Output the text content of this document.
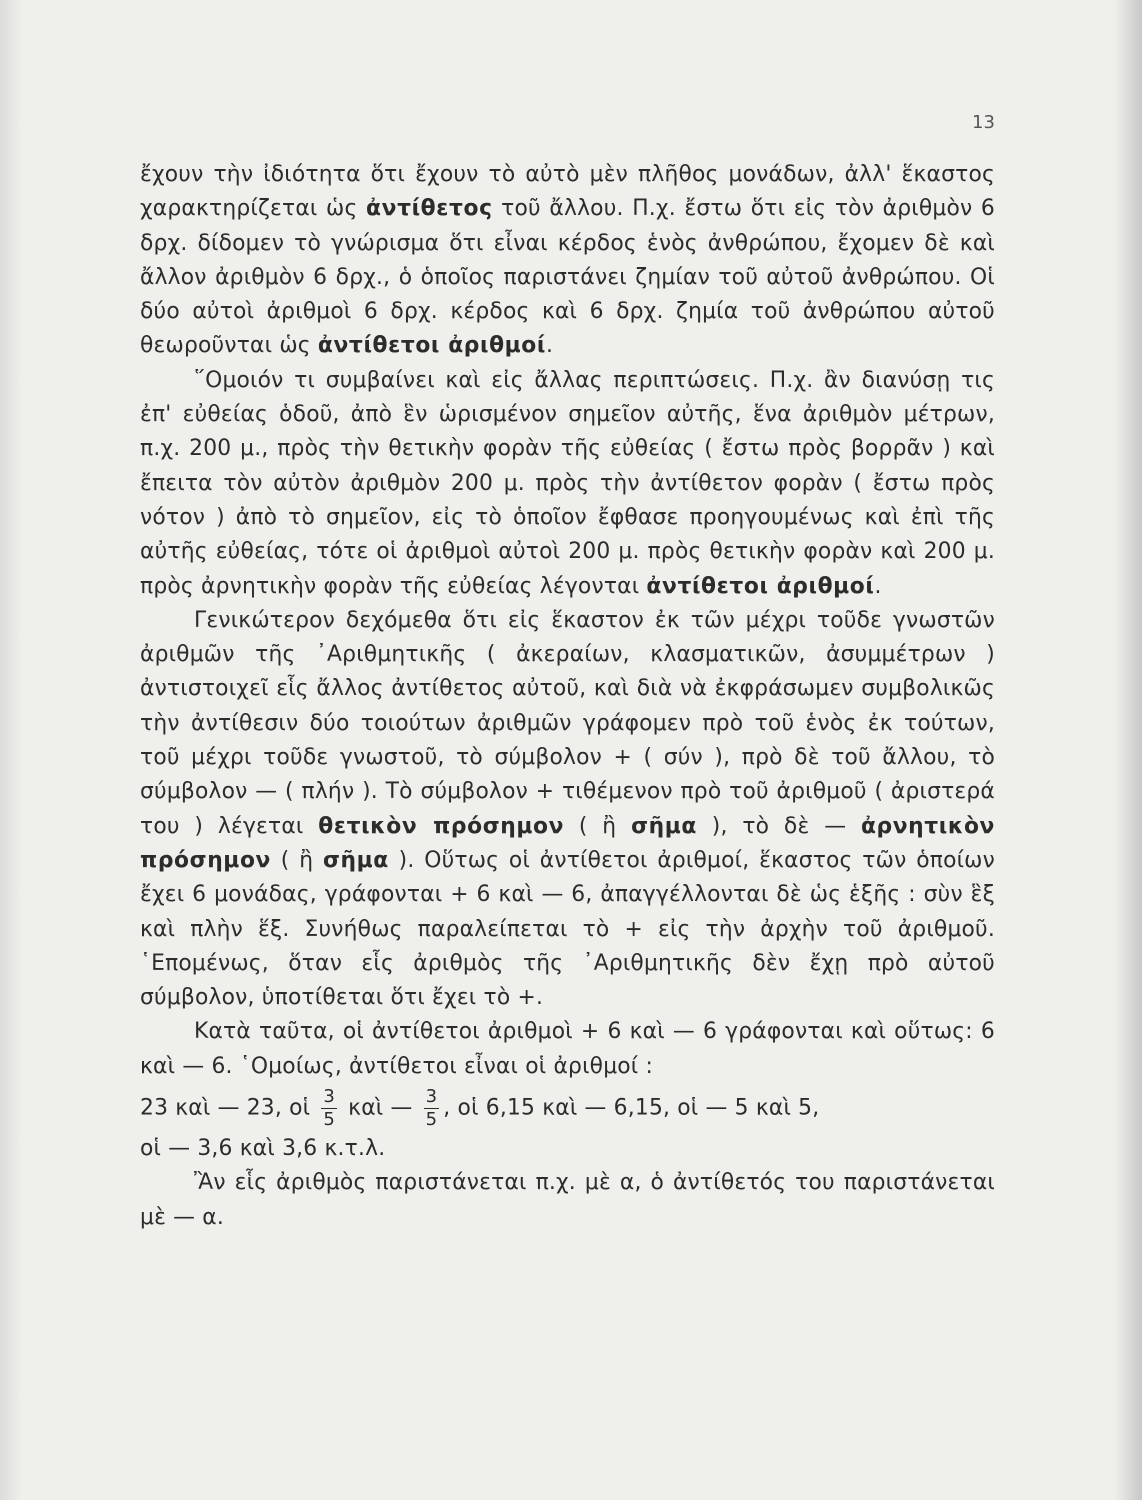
13

ἔχουν τὴν ἰδιότητα ὅτι ἔχουν τὸ αὐτὸ μὲν πλῆθος μονάδων, ἀλλ' ἕκαστος χαρακτηρίζεται ὡς ἀντίθετος τοῦ ἄλλου. Π.χ. ἔστω ὅτι εἰς τὸν ἀριθμὸν 6 δρχ. δίδομεν τὸ γνώρισμα ὅτι εἶναι κέρδος ἑνὸς ἀνθρώπου, ἔχομεν δὲ καὶ ἄλλον ἀριθμὸν 6 δρχ., ὁ ὁποῖος παριστάνει ζημίαν τοῦ αὐτοῦ ἀνθρώπου. Οἱ δύο αὐτοὶ ἀριθμοὶ 6 δρχ. κέρδος καὶ 6 δρχ. ζημία τοῦ ἀνθρώπου αὐτοῦ θεωροῦνται ὡς ἀντίθετοι ἀριθμοί.

῞Ομοιόν τι συμβαίνει καὶ εἰς ἄλλας περιπτώσεις. Π.χ. ἂν διανύσῃ τις ἐπ' εὐθείας ὁδοῦ, ἀπὸ ἓν ὡρισμένον σημεῖον αὐτῆς, ἕνα ἀριθμὸν μέτρων, π.χ. 200 μ., πρὸς τὴν θετικὴν φορὰν τῆς εὐθείας ( ἔστω πρὸς βορρᾶν ) καὶ ἔπειτα τὸν αὐτὸν ἀριθμὸν 200 μ. πρὸς τὴν ἀντίθετον φορὰν ( ἔστω πρὸς νότον ) ἀπὸ τὸ σημεῖον, εἰς τὸ ὁποῖον ἔφθασε προηγουμένως καὶ ἐπὶ τῆς αὐτῆς εὐθείας, τότε οἱ ἀριθμοὶ αὐτοὶ 200 μ. πρὸς θετικὴν φορὰν καὶ 200 μ. πρὸς ἀρνητικὴν φορὰν τῆς εὐθείας λέγονται ἀντίθετοι ἀριθμοί.

Γενικώτερον δεχόμεθα ὅτι εἰς ἕκαστον ἐκ τῶν μέχρι τοῦδε γνωστῶν ἀριθμῶν τῆς ᾿Αριθμητικῆς ( ἀκεραίων, κλασματικῶν, ἀσυμμέτρων ) ἀντιστοιχεῖ εἷς ἄλλος ἀντίθετος αὐτοῦ, καὶ διὰ νὰ ἐκφράσωμεν συμβολικῶς τὴν ἀντίθεσιν δύο τοιούτων ἀριθμῶν γράφομεν πρὸ τοῦ ἑνὸς ἐκ τούτων, τοῦ μέχρι τοῦδε γνωστοῦ, τὸ σύμβολον + ( σύν ), πρὸ δὲ τοῦ ἄλλου, τὸ σύμβολον — ( πλήν ). Τὸ σύμβολον + τιθέμενον πρὸ τοῦ ἀριθμοῦ ( ἀριστερά του ) λέγεται θετικὸν πρόσημον ( ἢ σῆμα ), τὸ δὲ — ἀρνητικὸν πρόσημον ( ἢ σῆμα ). Οὕτως οἱ ἀντίθετοι ἀριθμοί, ἕκαστος τῶν ὁποίων ἔχει 6 μονάδας, γράφονται + 6 καὶ — 6, ἀπαγγέλλονται δὲ ὡς ἑξῆς : σὺν ἓξ καὶ πλὴν ἕξ. Συνήθως παραλείπεται τὸ + εἰς τὴν ἀρχὴν τοῦ ἀριθμοῦ. ῾Επομένως, ὅταν εἷς ἀριθμὸς τῆς ᾿Αριθμητικῆς δὲν ἔχῃ πρὸ αὐτοῦ σύμβολον, ὑποτίθεται ὅτι ἔχει τὸ +.

Κατὰ ταῦτα, οἱ ἀντίθετοι ἀριθμοὶ + 6 καὶ — 6 γράφονται καὶ οὕτως: 6 καὶ — 6. ῾Ομοίως, ἀντίθετοι εἶναι οἱ ἀριθμοί :

23 καὶ — 23, οἱ $\frac{3}{5}$ καὶ — $\frac{3}{5}$ , οἱ 6,15 καὶ — 6,15, οἱ — 5 καὶ 5,

οἱ — 3,6 καὶ 3,6 κ.τ.λ.

Ἂν εἷς ἀριθμὸς παριστάνεται π.χ. μὲ α, ὁ ἀντίθετός του παριστάνεται μὲ — α.
